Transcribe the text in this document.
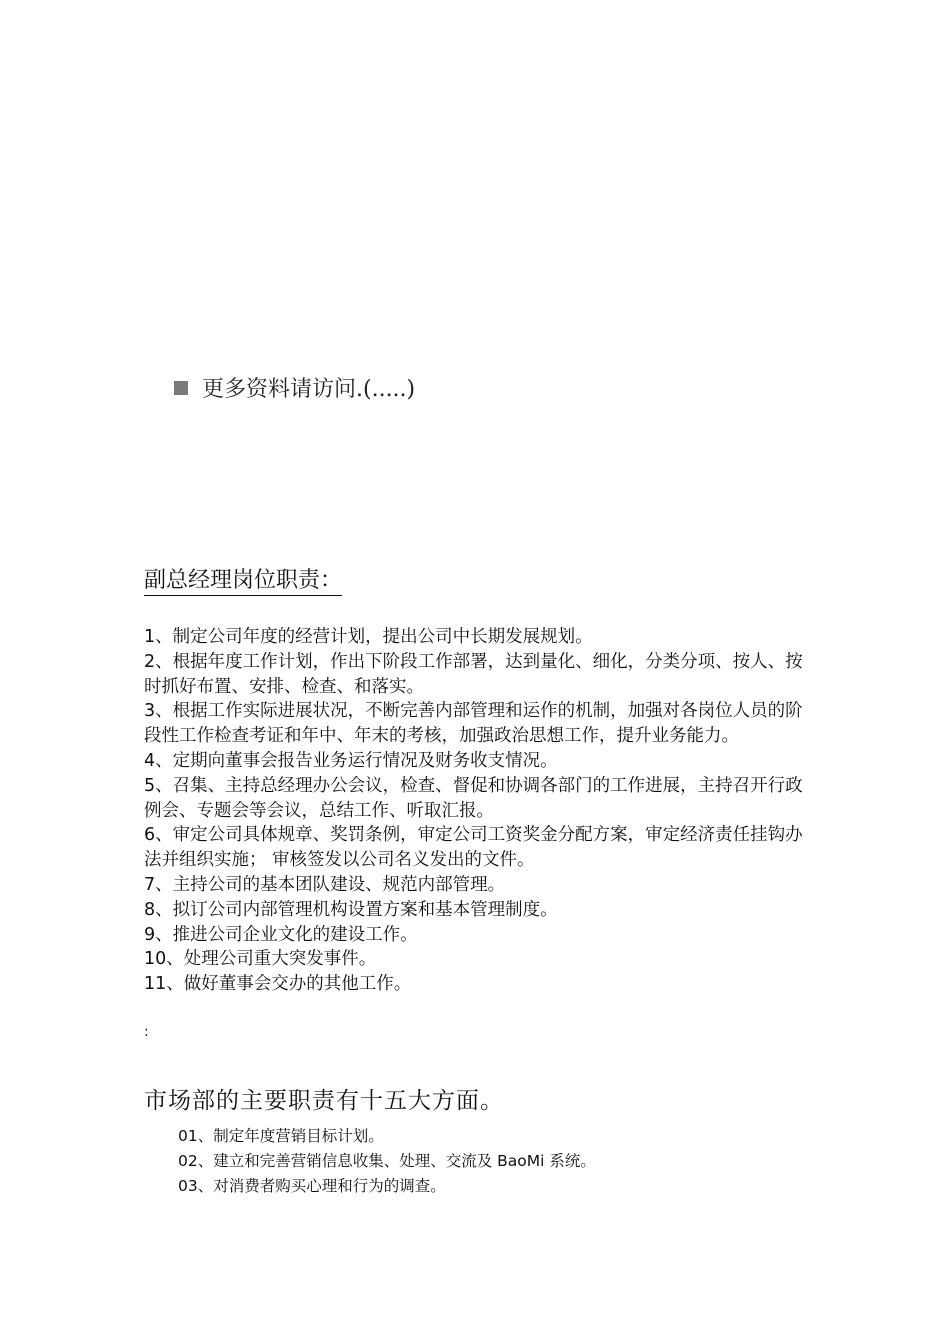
更多资料请访问.(.....)
副总经理岗位职责：

1、制定公司年度的经营计划，提出公司中长期发展规划。

2、根据年度工作计划，作出下阶段工作部署，达到量化、细化，分类分项、按人、按时抓好布置、安排、检查、和落实。

3、根据工作实际进展状况，不断完善内部管理和运作的机制，加强对各岗位人员的阶段性工作检查考证和年中、年末的考核，加强政治思想工作，提升业务能力。

4、定期向董事会报告业务运行情况及财务收支情况。

5、召集、主持总经理办公会议，检查、督促和协调各部门的工作进展，主持召开行政例会、专题会等会议，总结工作、听取汇报。

6、审定公司具体规章、奖罚条例，审定公司工资奖金分配方案，审定经济责任挂钩办法并组织实施； 审核签发以公司名义发出的文件。

7、主持公司的基本团队建设、规范内部管理。

8、拟订公司内部管理机构设置方案和基本管理制度。

9、推进公司企业文化的建设工作。

10、处理公司重大突发事件。

11、做好董事会交办的其他工作。

:
市场部的主要职责有十五大方面。

01、制定年度营销目标计划。

02、建立和完善营销信息收集、处理、交流及 BaoMi 系统。

03、对消费者购买心理和行为的调查。
